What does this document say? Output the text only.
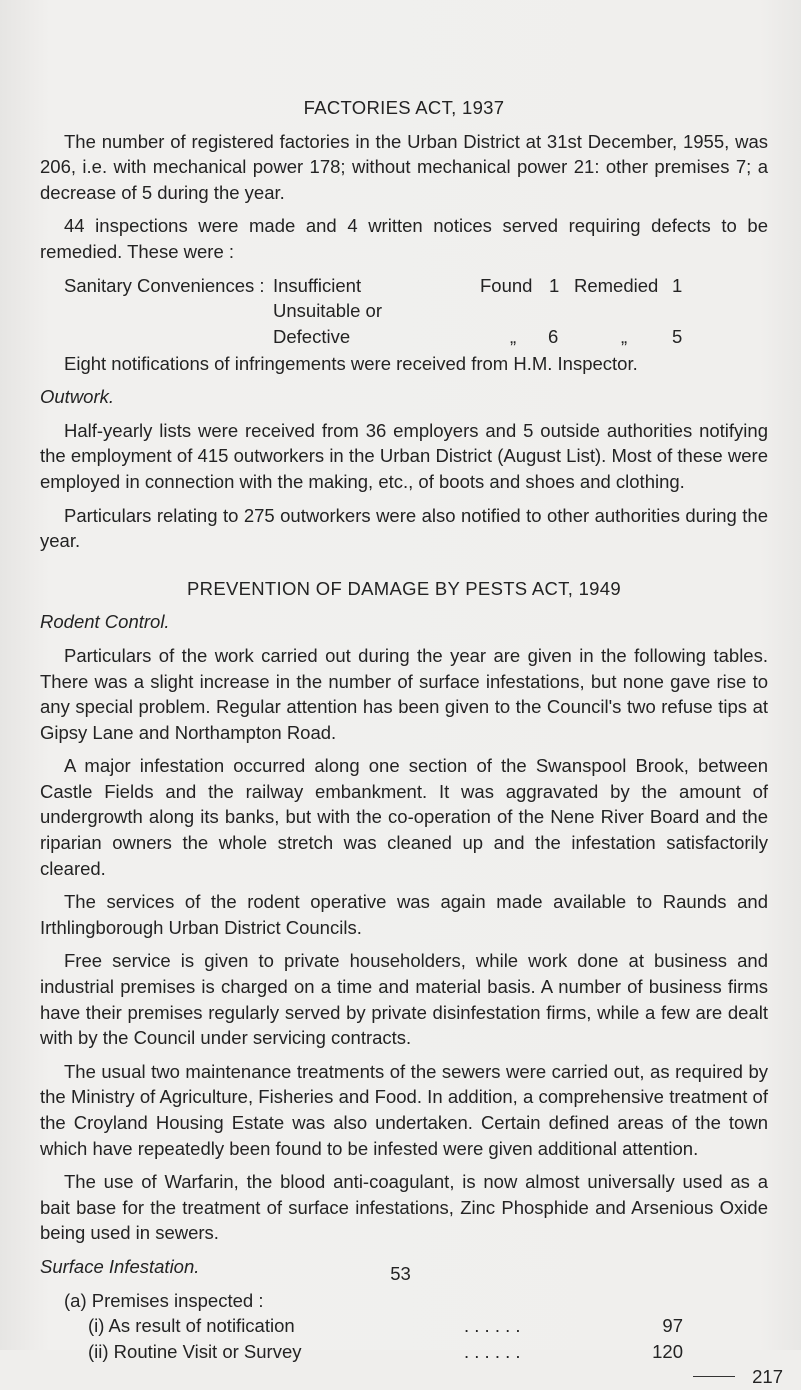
FACTORIES ACT, 1937

The number of registered factories in the Urban District at 31st December, 1955, was 206, i.e. with mechanical power 178; without mechanical power 21: other premises 7; a decrease of 5 during the year.

44 inspections were made and 4 written notices served requiring defects to be remedied. These were :

Sanitary Conveniences : Insufficient	Found 1 Remedied 1
Unsuitable or
Defective	„ 6	„ 5

Eight notifications of infringements were received from H.M. Inspector.

Outwork.

Half-yearly lists were received from 36 employers and 5 outside authorities notifying the employment of 415 outworkers in the Urban District (August List). Most of these were employed in connection with the making, etc., of boots and shoes and clothing.

Particulars relating to 275 outworkers were also notified to other authorities during the year.

PREVENTION OF DAMAGE BY PESTS ACT, 1949
Rodent Control.

Particulars of the work carried out during the year are given in the following tables. There was a slight increase in the number of surface infestations, but none gave rise to any special problem. Regular attention has been given to the Council's two refuse tips at Gipsy Lane and Northampton Road.

A major infestation occurred along one section of the Swanspool Brook, between Castle Fields and the railway embankment. It was aggravated by the amount of undergrowth along its banks, but with the co-operation of the Nene River Board and the riparian owners the whole stretch was cleaned up and the infestation satisfactorily cleared.

The services of the rodent operative was again made available to Raunds and Irthlingborough Urban District Councils.

Free service is given to private householders, while work done at business and industrial premises is charged on a time and material basis. A number of business firms have their premises regularly served by private disinfestation firms, while a few are dealt with by the Council under servicing contracts.

The usual two maintenance treatments of the sewers were carried out, as required by the Ministry of Agriculture, Fisheries and Food. In addition, a comprehensive treatment of the Croyland Housing Estate was also undertaken. Certain defined areas of the town which have repeatedly been found to be infested were given additional attention.

The use of Warfarin, the blood anti-coagulant, is now almost universally used as a bait base for the treatment of surface infestations, Zinc Phosphide and Arsenious Oxide being used in sewers.

Surface Infestation.
(a) Premises inspected :
(i) As result of notification	. . . . . .	97
(ii) Routine Visit or Survey	. . . . . .	120
217
53
